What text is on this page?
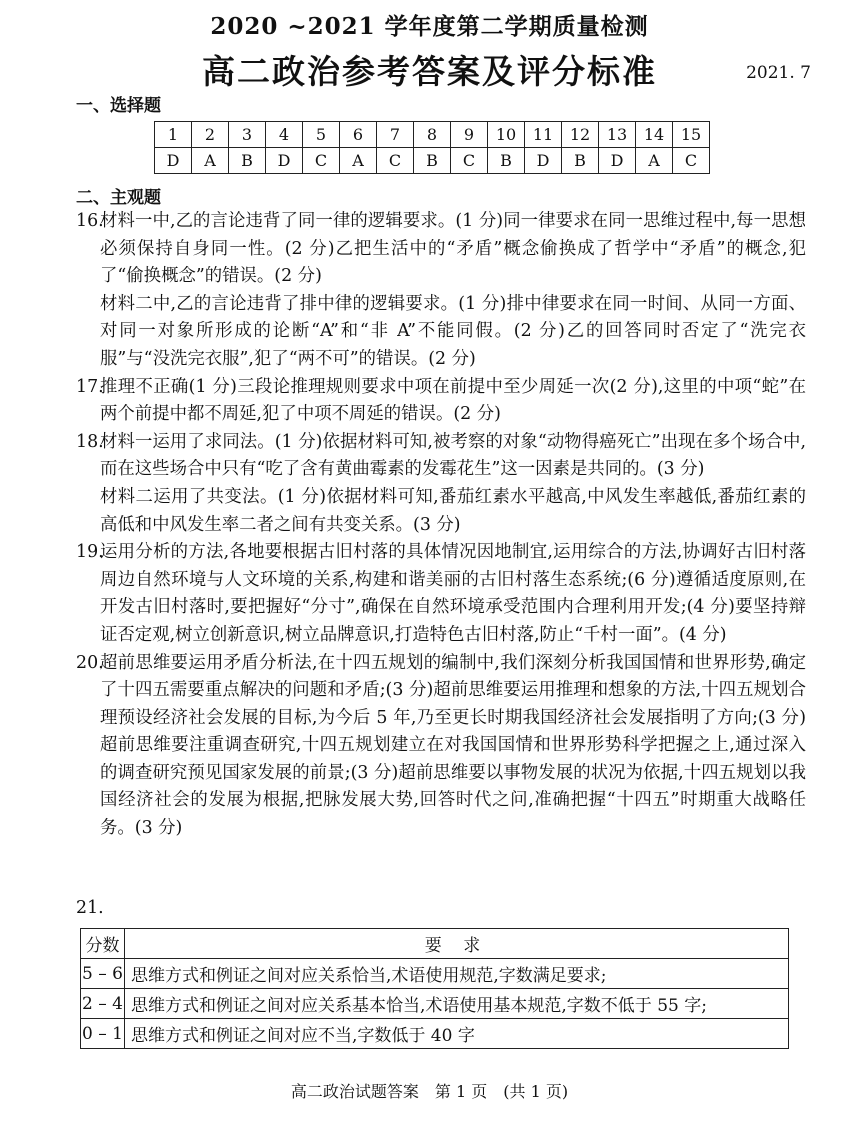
2020 ~2021 学年度第二学期质量检测
高二政治参考答案及评分标准	2021. 7
一、选择题
1	2	3	4	5	6	7	8	9	10	11	12	13	14	15
D	A	B	D	C	A	C	B	C	B	D	B	D	A	C
二、主观题
16.

材料一中,乙的言论违背了同一律的逻辑要求。(1 分)同一律要求在同一思维过程中,每一思想必须保持自身同一性。(2 分)乙把生活中的“矛盾”概念偷换成了哲学中“矛盾”的概念,犯了“偷换概念”的错误。(2 分)

材料二中,乙的言论违背了排中律的逻辑要求。(1 分)排中律要求在同一时间、从同一方面、对同一对象所形成的论断“A”和“非 A”不能同假。(2 分)乙的回答同时否定了“洗完衣服”与“没洗完衣服”,犯了“两不可”的错误。(2 分)

17.

推理不正确(1 分)三段论推理规则要求中项在前提中至少周延一次(2 分),这里的中项“蛇”在两个前提中都不周延,犯了中项不周延的错误。(2 分)

18.

材料一运用了求同法。(1 分)依据材料可知,被考察的对象“动物得癌死亡”出现在多个场合中,而在这些场合中只有“吃了含有黄曲霉素的发霉花生”这一因素是共同的。(3 分)

材料二运用了共变法。(1 分)依据材料可知,番茄红素水平越高,中风发生率越低,番茄红素的高低和中风发生率二者之间有共变关系。(3 分)

19.

运用分析的方法,各地要根据古旧村落的具体情况因地制宜,运用综合的方法,协调好古旧村落周边自然环境与人文环境的关系,构建和谐美丽的古旧村落生态系统;(6 分)遵循适度原则,在开发古旧村落时,要把握好“分寸”,确保在自然环境承受范围内合理利用开发;(4 分)要坚持辩证否定观,树立创新意识,树立品牌意识,打造特色古旧村落,防止“千村一面”。(4 分)

20.

超前思维要运用矛盾分析法,在十四五规划的编制中,我们深刻分析我国国情和世界形势,确定了十四五需要重点解决的问题和矛盾;(3 分)超前思维要运用推理和想象的方法,十四五规划合理预设经济社会发展的目标,为今后 5 年,乃至更长时期我国经济社会发展指明了方向;(3 分)超前思维要注重调查研究,十四五规划建立在对我国国情和世界形势科学把握之上,通过深入的调查研究预见国家发展的前景;(3 分)超前思维要以事物发展的状况为依据,十四五规划以我国经济社会的发展为根据,把脉发展大势,回答时代之问,准确把握“十四五”时期重大战略任务。(3 分)

21.
分数	要 求
5 – 6	思维方式和例证之间对应关系恰当,术语使用规范,字数满足要求;
2 – 4	思维方式和例证之间对应关系基本恰当,术语使用基本规范,字数不低于 55 字;
0 – 1	思维方式和例证之间对应不当,字数低于 40 字
高二政治试题答案　第 1 页　(共 1 页)
